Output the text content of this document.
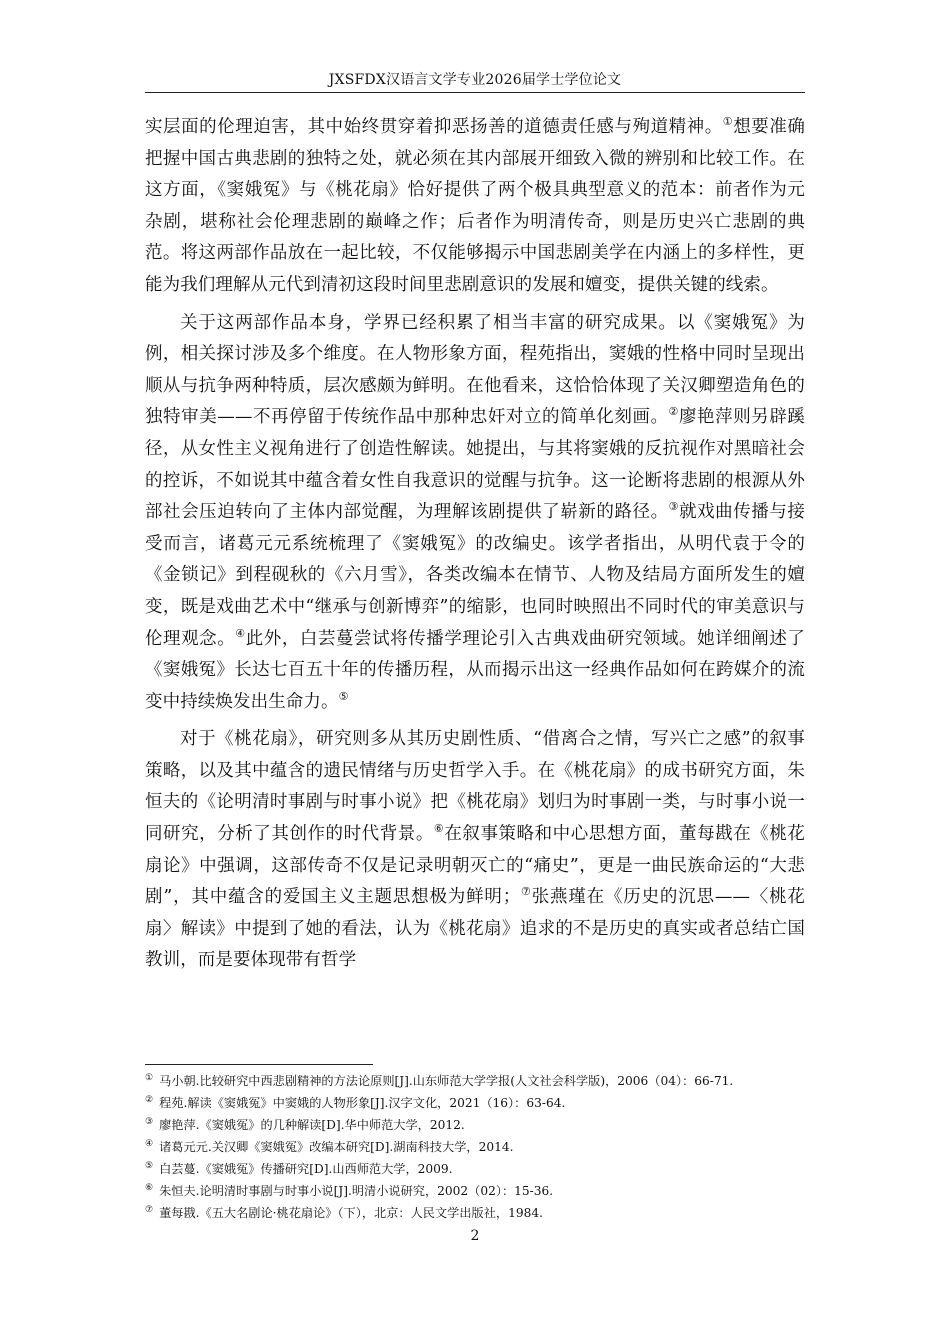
JXSFDX汉语言文学专业2026届学士学位论文

实层面的伦理迫害，其中始终贯穿着抑恶扬善的道德责任感与殉道精神。①想要准确把握中国古典悲剧的独特之处，就必须在其内部展开细致入微的辨别和比较工作。在这方面，《窦娥冤》与《桃花扇》恰好提供了两个极具典型意义的范本：前者作为元杂剧，堪称社会伦理悲剧的巅峰之作；后者作为明清传奇，则是历史兴亡悲剧的典范。将这两部作品放在一起比较，不仅能够揭示中国悲剧美学在内涵上的多样性，更能为我们理解从元代到清初这段时间里悲剧意识的发展和嬗变，提供关键的线索。

关于这两部作品本身，学界已经积累了相当丰富的研究成果。以《窦娥冤》为例，相关探讨涉及多个维度。在人物形象方面，程苑指出，窦娥的性格中同时呈现出顺从与抗争两种特质，层次感颇为鲜明。在他看来，这恰恰体现了关汉卿塑造角色的独特审美——不再停留于传统作品中那种忠奸对立的简单化刻画。②廖艳萍则另辟蹊径，从女性主义视角进行了创造性解读。她提出，与其将窦娥的反抗视作对黑暗社会的控诉，不如说其中蕴含着女性自我意识的觉醒与抗争。这一论断将悲剧的根源从外部社会压迫转向了主体内部觉醒，为理解该剧提供了崭新的路径。③就戏曲传播与接受而言，诸葛元元系统梳理了《窦娥冤》的改编史。该学者指出，从明代袁于令的《金锁记》到程砚秋的《六月雪》，各类改编本在情节、人物及结局方面所发生的嬗变，既是戏曲艺术中“继承与创新博弈”的缩影，也同时映照出不同时代的审美意识与伦理观念。④此外，白芸蔓尝试将传播学理论引入古典戏曲研究领域。她详细阐述了《窦娥冤》长达七百五十年的传播历程，从而揭示出这一经典作品如何在跨媒介的流变中持续焕发出生命力。⑤

对于《桃花扇》，研究则多从其历史剧性质、“借离合之情，写兴亡之感”的叙事策略，以及其中蕴含的遗民情绪与历史哲学入手。在《桃花扇》的成书研究方面，朱恒夫的《论明清时事剧与时事小说》把《桃花扇》划归为时事剧一类，与时事小说一同研究，分析了其创作的时代背景。⑥在叙事策略和中心思想方面，董每戡在《桃花扇论》中强调，这部传奇不仅是记录明朝灭亡的“痛史”，更是一曲民族命运的“大悲剧”，其中蕴含的爱国主义主题思想极为鲜明；⑦张燕瑾在《历史的沉思——〈桃花扇〉解读》中提到了她的看法，认为《桃花扇》追求的不是历史的真实或者总结亡国教训，而是要体现带有哲学

① 马小朝.比较研究中西悲剧精神的方法论原则[J].山东师范大学学报(人文社会科学版)，2006（04）：66-71.
② 程苑.解读《窦娥冤》中窦娥的人物形象[J].汉字文化，2021（16）：63-64.
③ 廖艳萍.《窦娥冤》的几种解读[D].华中师范大学，2012.
④ 诸葛元元.关汉卿《窦娥冤》改编本研究[D].湖南科技大学，2014.
⑤ 白芸蔓.《窦娥冤》传播研究[D].山西师范大学，2009.
⑥ 朱恒夫.论明清时事剧与时事小说[J].明清小说研究，2002（02）：15-36.
⑦ 董每戡.《五大名剧论·桃花扇论》（下），北京：人民文学出版社，1984.
2
